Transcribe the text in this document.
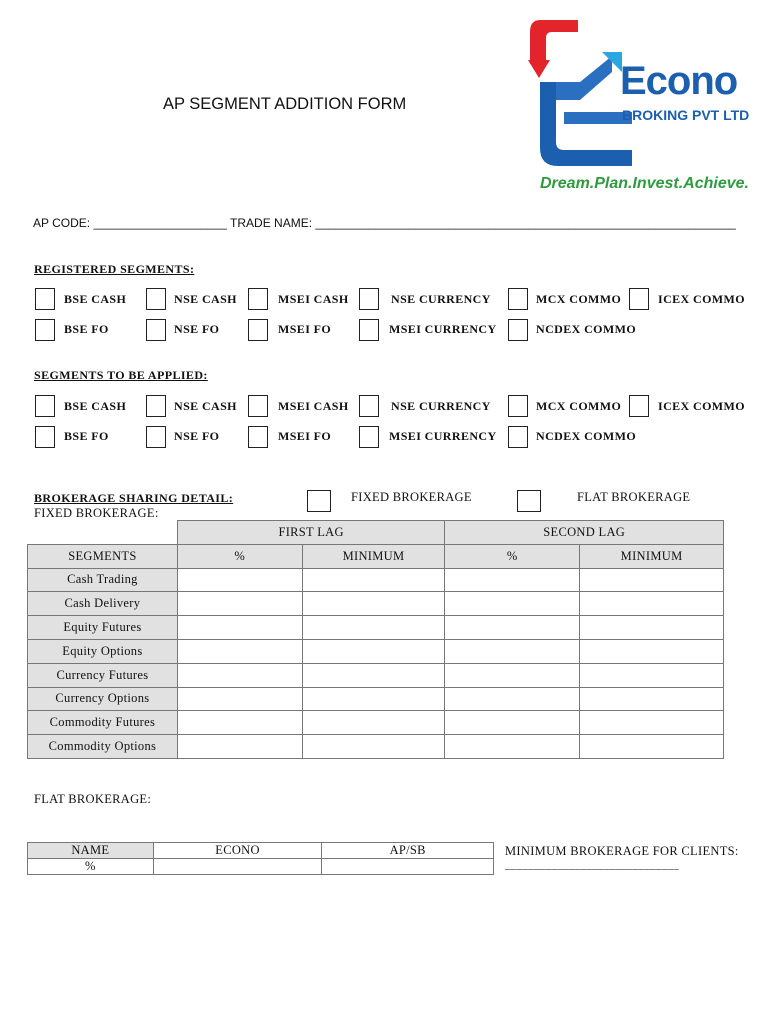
AP SEGMENT ADDITION FORM
Econo
BROKING PVT LTD
Dream.Plan.Invest.Achieve.
AP CODE: ____________________ TRADE NAME: _______________________________________________________________
REGISTERED SEGMENTS:
BSE CASH	NSE CASH	MSEI CASH	NSE CURRENCY	MCX COMMO	ICEX COMMO
BSE FO	NSE FO	MSEI FO	MSEI CURRENCY	NCDEX COMMO
SEGMENTS TO BE APPLIED:
BSE CASH	NSE CASH	MSEI CASH	NSE CURRENCY	MCX COMMO	ICEX COMMO
BSE FO	NSE FO	MSEI FO	MSEI CURRENCY	NCDEX COMMO
BROKERAGE SHARING DETAIL:	FIXED BROKERAGE	FLAT BROKERAGE
FIXED BROKERAGE:
	FIRST LAG		SECOND LAG	
SEGMENTS	%	MINIMUM	%	MINIMUM
Cash Trading				
Cash Delivery				
Equity Futures				
Equity Options				
Currency Futures				
Currency Options				
Commodity Futures				
Commodity Options				
FLAT BROKERAGE:
NAME	ECONO	AP/SB
%		
MINIMUM BROKERAGE FOR CLIENTS:
______________________________
